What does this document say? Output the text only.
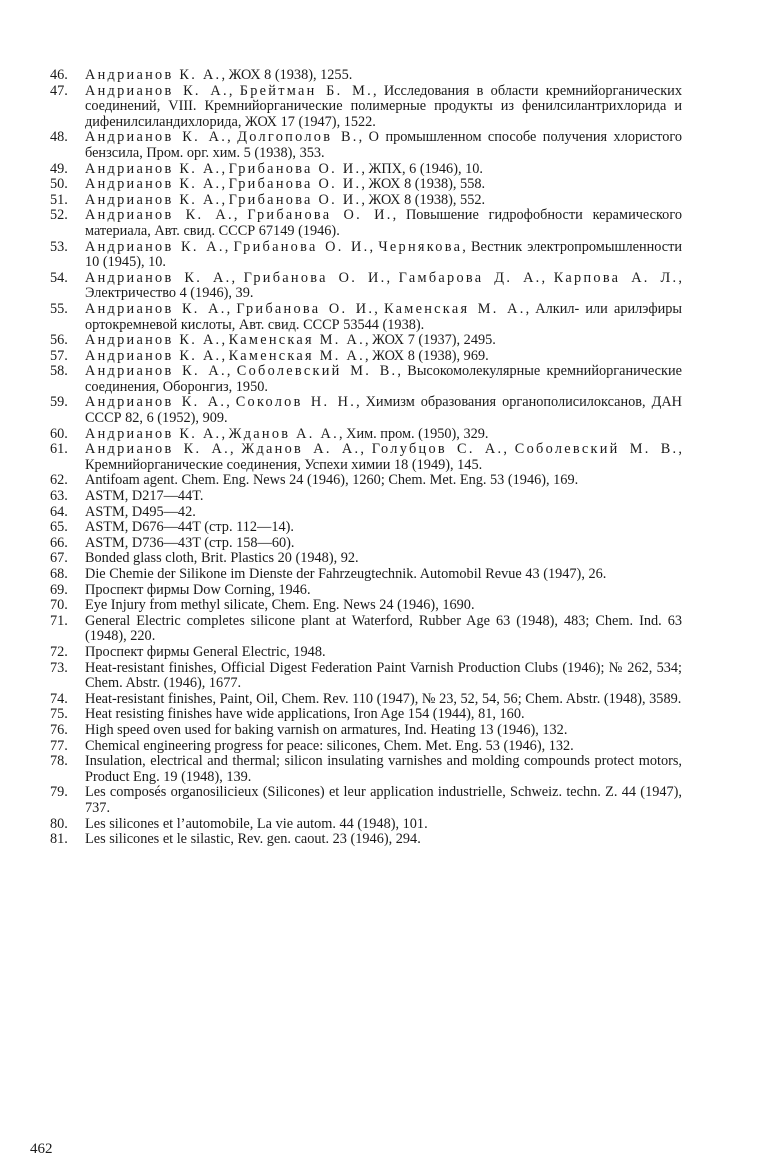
46.	Андрианов К. А., ЖОХ 8 (1938), 1255.
47.	Андрианов К. А., Брейтман Б. М., Исследования в области кремнийорганических соединений, VIII. Кремнийорганические полимерные продукты из фенилсилантрихлорида и дифенилсиландихлорида, ЖОХ 17 (1947), 1522.
48.	Андрианов К. А., Долгополов В., О промышленном способе получения хлористого бензсила, Пром. орг. хим. 5 (1938), 353.
49.	Андрианов К. А., Грибанова О. И., ЖПХ, 6 (1946), 10.
50.	Андрианов К. А., Грибанова О. И., ЖОХ 8 (1938), 558.
51.	Андрианов К. А., Грибанова О. И., ЖОХ 8 (1938), 552.
52.	Андрианов К. А., Грибанова О. И., Повышение гидрофобности керамического материала, Авт. свид. СССР 67149 (1946).
53.	Андрианов К. А., Грибанова О. И., Чернякова, Вестник электропромышленности 10 (1945), 10.
54.	Андрианов К. А., Грибанова О. И., Гамбарова Д. А., Карпова А. Л., Электричество 4 (1946), 39.
55.	Андрианов К. А., Грибанова О. И., Каменская М. А., Алкил- или арилэфиры ортокремневой кислоты, Авт. свид. СССР 53544 (1938).
56.	Андрианов К. А., Каменская М. А., ЖОХ 7 (1937), 2495.
57.	Андрианов К. А., Каменская М. А., ЖОХ 8 (1938), 969.
58.	Андрианов К. А., Соболевский М. В., Высокомолекулярные кремнийорганические соединения, Оборонгиз, 1950.
59.	Андрианов К. А., Соколов Н. Н., Химизм образования органополисилоксанов, ДАН СССР 82, 6 (1952), 909.
60.	Андрианов К. А., Жданов А. А., Хим. пром. (1950), 329.
61.	Андрианов К. А., Жданов А. А., Голубцов С. А., Соболевский М. В., Кремнийорганические соединения, Успехи химии 18 (1949), 145.
62.	Antifoam agent. Chem. Eng. News 24 (1946), 1260; Chem. Met. Eng. 53 (1946), 169.
63.	ASTM, D217—44T.
64.	ASTM, D495—42.
65.	ASTM, D676—44T (стр. 112—14).
66.	ASTM, D736—43T (стр. 158—60).
67.	Bonded glass cloth, Brit. Plastics 20 (1948), 92.
68.	Die Chemie der Silikone im Dienste der Fahrzeugtechnik. Automobil Revue 43 (1947), 26.
69.	Проспект фирмы Dow Corning, 1946.
70.	Eye Injury from methyl silicate, Chem. Eng. News 24 (1946), 1690.
71.	General Electric completes silicone plant at Waterford, Rubber Age 63 (1948), 483; Chem. Ind. 63 (1948), 220.
72.	Проспект фирмы General Electric, 1948.
73.	Heat-resistant finishes, Official Digest Federation Paint Varnish Production Clubs (1946); № 262, 534; Chem. Abstr. (1946), 1677.
74.	Heat-resistant finishes, Paint, Oil, Chem. Rev. 110 (1947), № 23, 52, 54, 56; Chem. Abstr. (1948), 3589.
75.	Heat resisting finishes have wide applications, Iron Age 154 (1944), 81, 160.
76.	High speed oven used for baking varnish on armatures, Ind. Heating 13 (1946), 132.
77.	Chemical engineering progress for peace: silicones, Chem. Met. Eng. 53 (1946), 132.
78.	Insulation, electrical and thermal; silicon insulating varnishes and molding compounds protect motors, Product Eng. 19 (1948), 139.
79.	Les composés organosilicieux (Silicones) et leur application industrielle, Schweiz. techn. Z. 44 (1947), 737.
80.	Les silicones et l’automobile, La vie autom. 44 (1948), 101.
81.	Les silicones et le silastic, Rev. gen. caout. 23 (1946), 294.
462
